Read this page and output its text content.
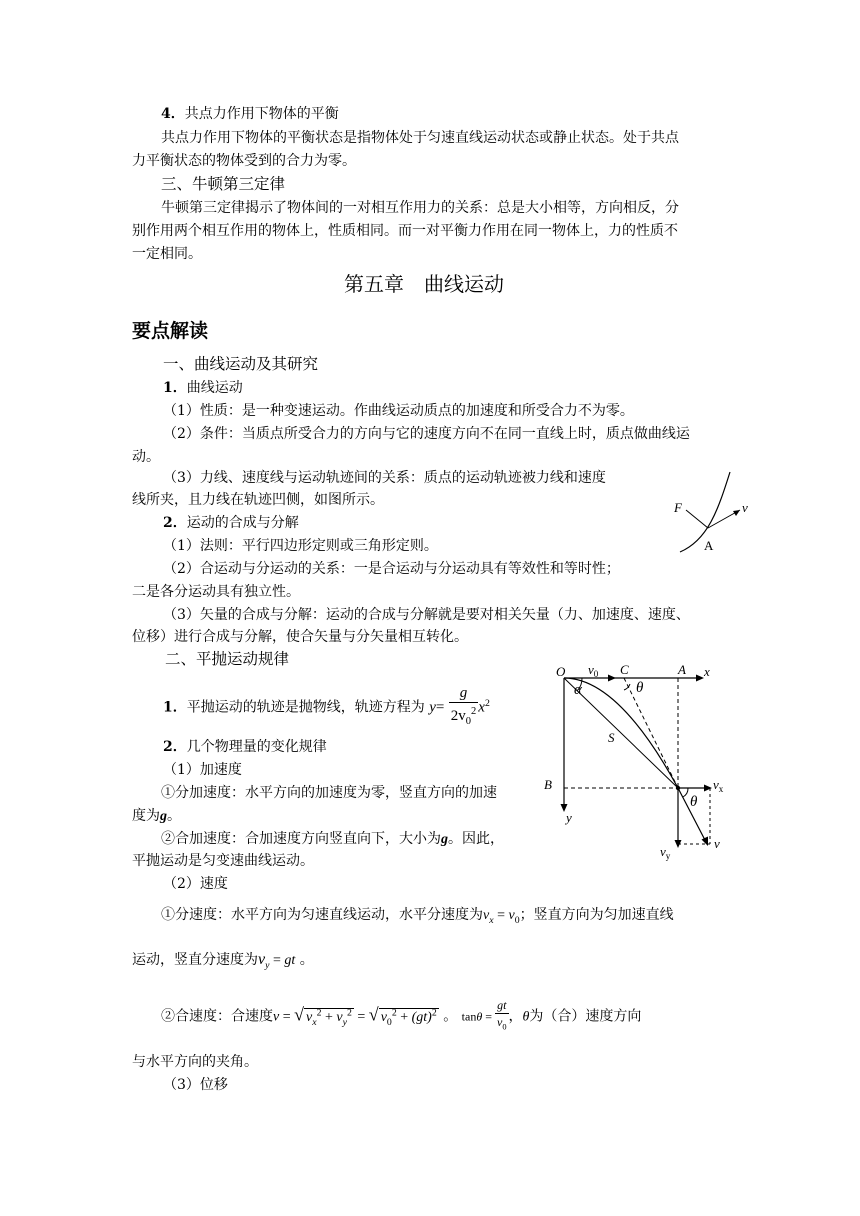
4．共点力作用下物体的平衡
共点力作用下物体的平衡状态是指物体处于匀速直线运动状态或静止状态。处于共点
力平衡状态的物体受到的合力为零。
三、牛顿第三定律
牛顿第三定律揭示了物体间的一对相互作用力的关系：总是大小相等，方向相反，分
别作用两个相互作用的物体上，性质相同。而一对平衡力作用在同一物体上，力的性质不
一定相同。
第五章　曲线运动
要点解读
一、曲线运动及其研究
1．曲线运动
（1）性质：是一种变速运动。作曲线运动质点的加速度和所受合力不为零。
（2）条件：当质点所受合力的方向与它的速度方向不在同一直线上时，质点做曲线运
动。
（3）力线、速度线与运动轨迹间的关系：质点的运动轨迹被力线和速度
线所夹，且力线在轨迹凹侧，如图所示。
2．运动的合成与分解
（1）法则：平行四边形定则或三角形定则。
（2）合运动与分运动的关系：一是合运动与分运动具有等效性和等时性；
二是各分运动具有独立性。
（3）矢量的合成与分解：运动的合成与分解就是要对相关矢量（力、加速度、速度、
位移）进行合成与分解，使合矢量与分矢量相互转化。
F	v
A
二、平抛运动规律
1．平抛运动的轨迹是抛物线，轨迹方程为 $y= \frac{g}{2v_0^2} x^2$
2．几个物理量的变化规律
（1）加速度
①分加速度：水平方向的加速度为零，竖直方向的加速
度为g。
②合加速度：合加速度方向竖直向下，大小为g。因此，
平抛运动是匀变速曲线运动。
（2）速度
①分速度：水平方向为匀速直线运动，水平分速度为$v_x = v_0$；竖直方向为匀加速直线
运动，竖直分速度为$v_y$ = gt 。
②合速度：合速度v = √ $v_x^2 + v_y^2$ = √ $v_0^2 + (gt)^2$ 。 $\tan\theta = \frac{gt}{v_0}$ ，θ为（合）速度方向
与水平方向的夹角。
（3）位移
O $v_0$ C	A x
α	θ
S
B
y
$v_x$
θ
$v_y$
v
